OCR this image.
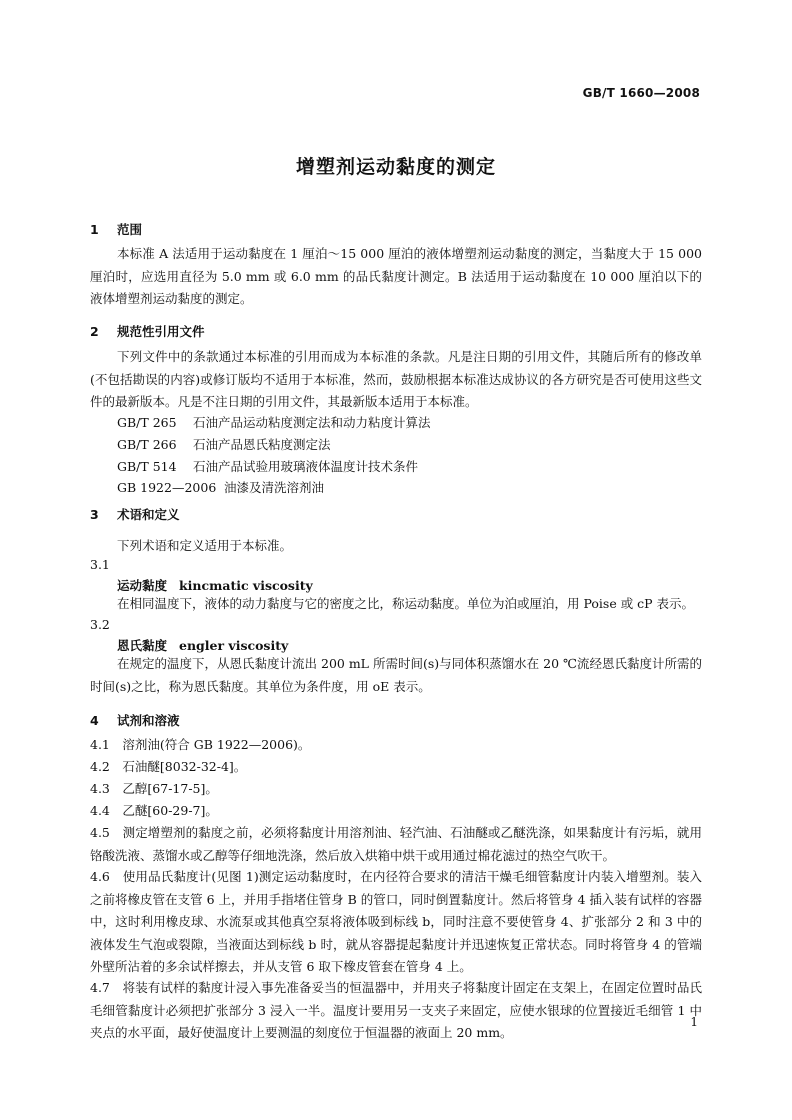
GB/T 1660—2008
增塑剂运动黏度的测定
1 范围
本标准 A 法适用于运动黏度在 1 厘泊～15 000 厘泊的液体增塑剂运动黏度的测定，当黏度大于 15 000厘泊时，应选用直径为 5.0 mm 或 6.0 mm 的品氏黏度计测定。B 法适用于运动黏度在 10 000 厘泊以下的液体增塑剂运动黏度的测定。
2 规范性引用文件
下列文件中的条款通过本标准的引用而成为本标准的条款。凡是注日期的引用文件，其随后所有的修改单(不包括勘误的内容)或修订版均不适用于本标准，然而，鼓励根据本标准达成协议的各方研究是否可使用这些文件的最新版本。凡是不注日期的引用文件，其最新版本适用于本标准。
GB/T 265 石油产品运动粘度测定法和动力粘度计算法
GB/T 266 石油产品恩氏粘度测定法
GB/T 514 石油产品试验用玻璃液体温度计技术条件
GB 1922—2006 油漆及清洗溶剂油
3 术语和定义
下列术语和定义适用于本标准。
3.1
运动黏度 kincmatic viscosity
在相同温度下，液体的动力黏度与它的密度之比，称运动黏度。单位为泊或厘泊，用 Poise 或 cP 表示。
3.2
恩氏黏度 engler viscosity
在规定的温度下，从恩氏黏度计流出 200 mL 所需时间(s)与同体积蒸馏水在 20 ℃流经恩氏黏度计所需的时间(s)之比，称为恩氏黏度。其单位为条件度，用 oE 表示。
4 试剂和溶液
4.1　 溶剂油(符合 GB 1922—2006)。
4.2　 石油醚[8032-32-4]。
4.3　 乙醇[67-17-5]。
4.4　 乙醚[60-29-7]。
4.5　 测定增塑剂的黏度之前，必须将黏度计用溶剂油、轻汽油、石油醚或乙醚洗涤，如果黏度计有污垢，就用铬酸洗液、蒸馏水或乙醇等仔细地洗涤，然后放入烘箱中烘干或用通过棉花滤过的热空气吹干。
4.6　 使用品氏黏度计(见图 1)测定运动黏度时，在内径符合要求的清洁干燥毛细管黏度计内装入增塑剂。装入之前将橡皮管在支管 6 上，并用手指堵住管身 B 的管口，同时倒置黏度计。然后将管身 4 插入装有试样的容器中，这时利用橡皮球、水流泵或其他真空泵将液体吸到标线 b，同时注意不要使管身 4、扩张部分 2 和 3 中的液体发生气泡或裂隙，当液面达到标线 b 时，就从容器提起黏度计并迅速恢复正常状态。同时将管身 4 的管端外壁所沾着的多余试样擦去，并从支管 6 取下橡皮管套在管身 4 上。
4.7　 将装有试样的黏度计浸入事先准备妥当的恒温器中，并用夹子将黏度计固定在支架上，在固定位置时品氏毛细管黏度计必须把扩张部分 3 浸入一半。温度计要用另一支夹子来固定，应使水银球的位置接近毛细管 1 中夹点的水平面，最好使温度计上要测温的刻度位于恒温器的液面上 20 mm。
1
